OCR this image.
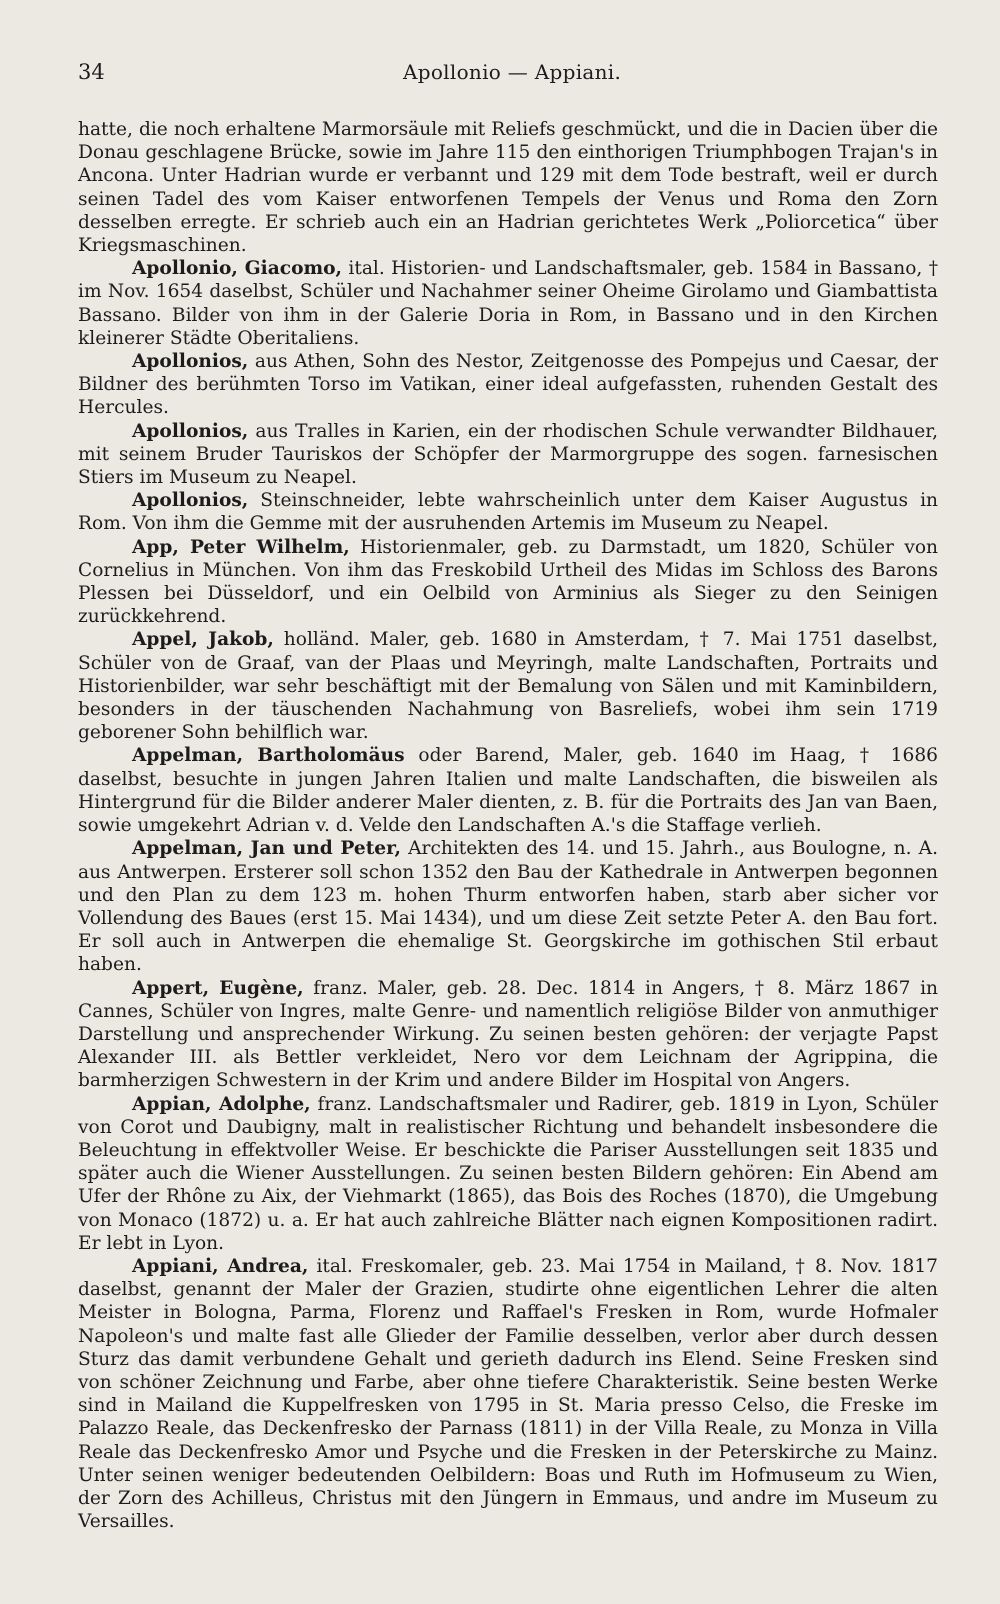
34	Apollonio — Appiani.

hatte, die noch erhaltene Marmorsäule mit Reliefs geschmückt, und die in Dacien über die Donau geschlagene Brücke, sowie im Jahre 115 den einthorigen Triumphbogen Trajan's in Ancona. Unter Hadrian wurde er verbannt und 129 mit dem Tode bestraft, weil er durch seinen Tadel des vom Kaiser entworfenen Tempels der Venus und Roma den Zorn desselben erregte. Er schrieb auch ein an Hadrian gerichtetes Werk „Poliorcetica“ über Kriegsmaschinen.

Apollonio, Giacomo, ital. Historien- und Landschaftsmaler, geb. 1584 in Bassano, † im Nov. 1654 daselbst, Schüler und Nachahmer seiner Oheime Girolamo und Giambattista Bassano. Bilder von ihm in der Galerie Doria in Rom, in Bassano und in den Kirchen kleinerer Städte Oberitaliens.

Apollonios, aus Athen, Sohn des Nestor, Zeitgenosse des Pompejus und Caesar, der Bildner des berühmten Torso im Vatikan, einer ideal aufgefassten, ruhenden Gestalt des Hercules.

Apollonios, aus Tralles in Karien, ein der rhodischen Schule verwandter Bildhauer, mit seinem Bruder Tauriskos der Schöpfer der Marmorgruppe des sogen. farnesischen Stiers im Museum zu Neapel.

Apollonios, Steinschneider, lebte wahrscheinlich unter dem Kaiser Augustus in Rom. Von ihm die Gemme mit der ausruhenden Artemis im Museum zu Neapel.

App, Peter Wilhelm, Historienmaler, geb. zu Darmstadt, um 1820, Schüler von Cornelius in München. Von ihm das Freskobild Urtheil des Midas im Schloss des Barons Plessen bei Düsseldorf, und ein Oelbild von Arminius als Sieger zu den Seinigen zurückkehrend.

Appel, Jakob, holländ. Maler, geb. 1680 in Amsterdam, † 7. Mai 1751 daselbst, Schüler von de Graaf, van der Plaas und Meyringh, malte Landschaften, Portraits und Historienbilder, war sehr beschäftigt mit der Bemalung von Sälen und mit Kaminbildern, besonders in der täuschenden Nachahmung von Basreliefs, wobei ihm sein 1719 geborener Sohn behilflich war.

Appelman, Bartholomäus oder Barend, Maler, geb. 1640 im Haag, † 1686 daselbst, besuchte in jungen Jahren Italien und malte Landschaften, die bisweilen als Hintergrund für die Bilder anderer Maler dienten, z. B. für die Portraits des Jan van Baen, sowie umgekehrt Adrian v. d. Velde den Landschaften A.'s die Staffage verlieh.

Appelman, Jan und Peter, Architekten des 14. und 15. Jahrh., aus Boulogne, n. A. aus Antwerpen. Ersterer soll schon 1352 den Bau der Kathedrale in Antwerpen begonnen und den Plan zu dem 123 m. hohen Thurm entworfen haben, starb aber sicher vor Vollendung des Baues (erst 15. Mai 1434), und um diese Zeit setzte Peter A. den Bau fort. Er soll auch in Antwerpen die ehemalige St. Georgskirche im gothischen Stil erbaut haben.

Appert, Eugène, franz. Maler, geb. 28. Dec. 1814 in Angers, † 8. März 1867 in Cannes, Schüler von Ingres, malte Genre- und namentlich religiöse Bilder von anmuthiger Darstellung und ansprechender Wirkung. Zu seinen besten gehören: der verjagte Papst Alexander III. als Bettler verkleidet, Nero vor dem Leichnam der Agrippina, die barmherzigen Schwestern in der Krim und andere Bilder im Hospital von Angers.

Appian, Adolphe, franz. Landschaftsmaler und Radirer, geb. 1819 in Lyon, Schüler von Corot und Daubigny, malt in realistischer Richtung und behandelt insbesondere die Beleuchtung in effektvoller Weise. Er beschickte die Pariser Ausstellungen seit 1835 und später auch die Wiener Ausstellungen. Zu seinen besten Bildern gehören: Ein Abend am Ufer der Rhône zu Aix, der Viehmarkt (1865), das Bois des Roches (1870), die Umgebung von Monaco (1872) u. a. Er hat auch zahlreiche Blätter nach eignen Kompositionen radirt. Er lebt in Lyon.

Appiani, Andrea, ital. Freskomaler, geb. 23. Mai 1754 in Mailand, † 8. Nov. 1817 daselbst, genannt der Maler der Grazien, studirte ohne eigentlichen Lehrer die alten Meister in Bologna, Parma, Florenz und Raffael's Fresken in Rom, wurde Hofmaler Napoleon's und malte fast alle Glieder der Familie desselben, verlor aber durch dessen Sturz das damit verbundene Gehalt und gerieth dadurch ins Elend. Seine Fresken sind von schöner Zeichnung und Farbe, aber ohne tiefere Charakteristik. Seine besten Werke sind in Mailand die Kuppelfresken von 1795 in St. Maria presso Celso, die Freske im Palazzo Reale, das Deckenfresko der Parnass (1811) in der Villa Reale, zu Monza in Villa Reale das Deckenfresko Amor und Psyche und die Fresken in der Peterskirche zu Mainz. Unter seinen weniger bedeutenden Oelbildern: Boas und Ruth im Hofmuseum zu Wien, der Zorn des Achilleus, Christus mit den Jüngern in Emmaus, und andre im Museum zu Versailles.
